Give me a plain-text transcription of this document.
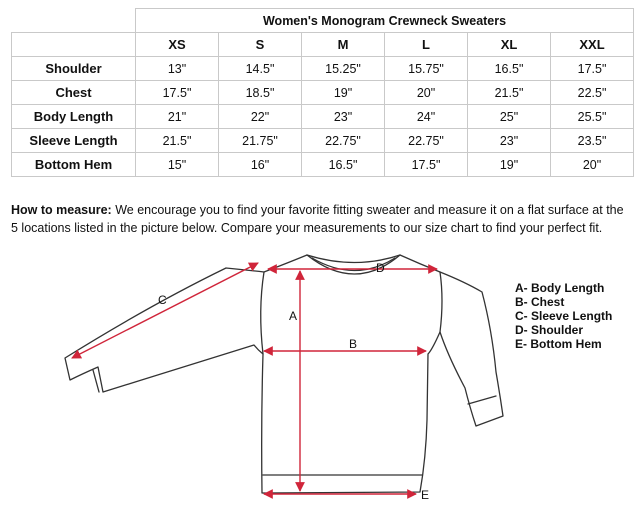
	Women's Monogram Crewneck Sweaters					
	XS	S	M	L	XL	XXL
Shoulder	13"	14.5"	15.25"	15.75"	16.5"	17.5"
Chest	17.5"	18.5"	19"	20"	21.5"	22.5"
Body Length	21"	22"	23"	24"	25"	25.5"
Sleeve Length	21.5"	21.75"	22.75"	22.75"	23"	23.5"
Bottom Hem	15"	16"	16.5"	17.5"	19"	20"
How to measure: We encourage you to find your favorite fitting sweater and measure it on a flat surface at the 5 locations listed in the picture below. Compare your measurements to our size chart to find your perfect fit.
D
A
B
C
E
A- Body Length
B- Chest
C- Sleeve Length
D- Shoulder
E- Bottom Hem
